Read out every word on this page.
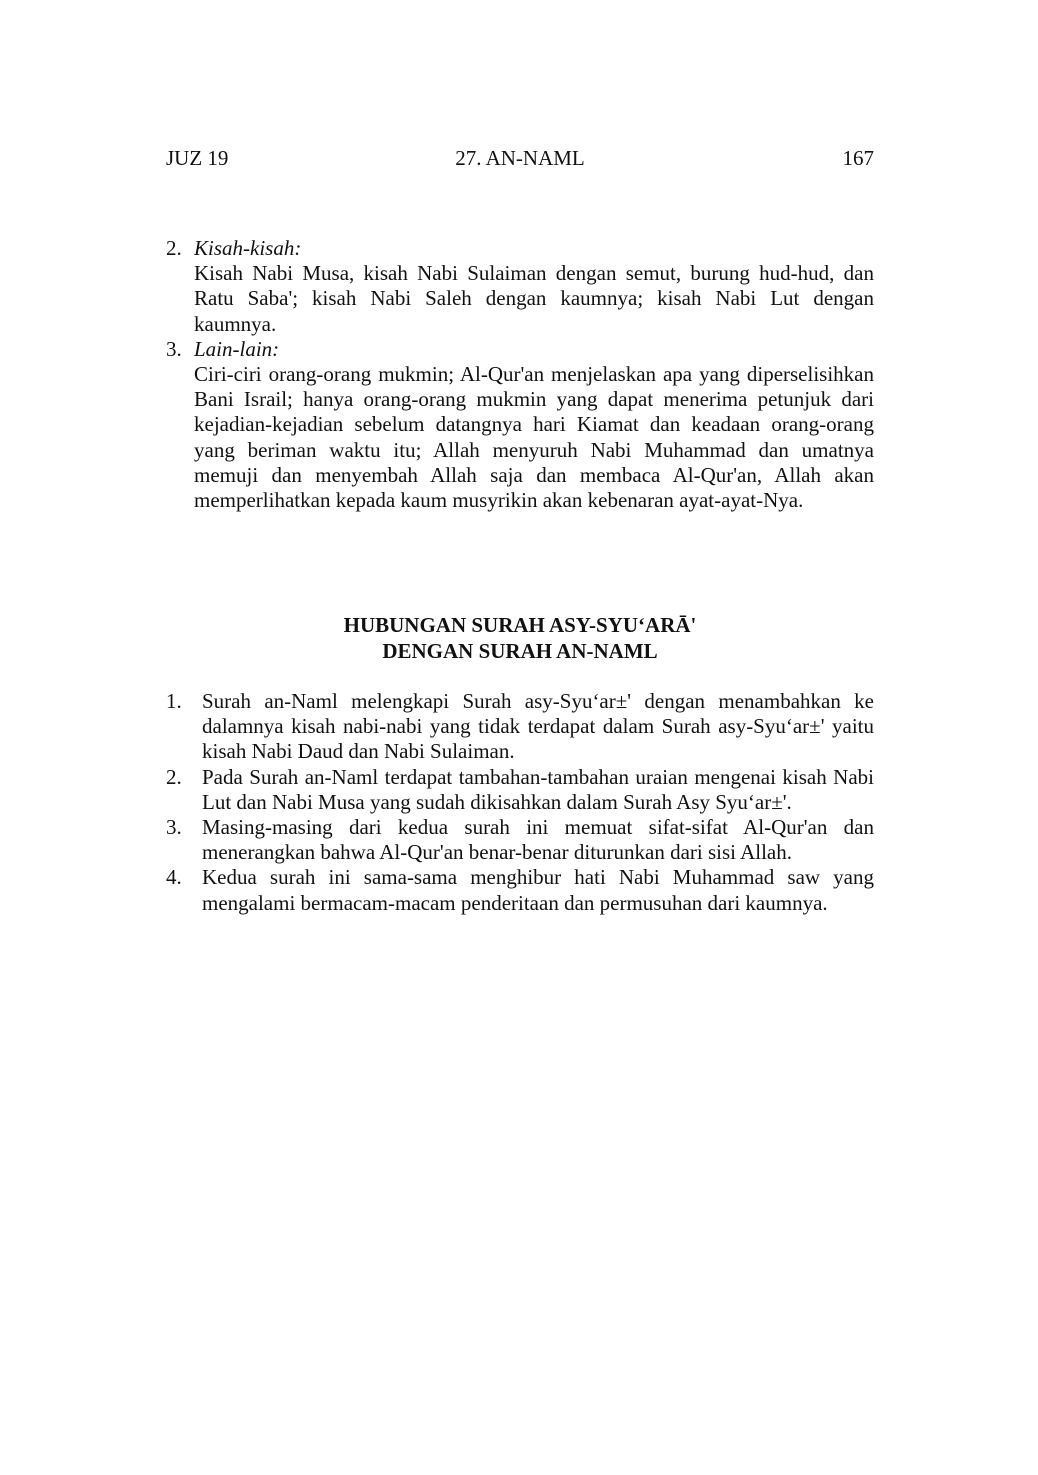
JUZ 19	27. AN-NAML	167
2. Kisah-kisah:
Kisah Nabi Musa, kisah Nabi Sulaiman dengan semut, burung hud-hud, dan Ratu Saba'; kisah Nabi Saleh dengan kaumnya; kisah Nabi Lut dengan kaumnya.
3. Lain-lain:
Ciri-ciri orang-orang mukmin; Al-Qur'an menjelaskan apa yang diperselisihkan Bani Israil; hanya orang-orang mukmin yang dapat menerima petunjuk dari kejadian-kejadian sebelum datangnya hari Kiamat dan keadaan orang-orang yang beriman waktu itu; Allah menyuruh Nabi Muhammad dan umatnya memuji dan menyembah Allah saja dan membaca Al-Qur'an, Allah akan memperlihatkan kepada kaum musyrikin akan kebenaran ayat-ayat-Nya.
HUBUNGAN SURAH ASY-SYU‘ARĀ'
DENGAN SURAH AN-NAML
1. Surah an-Naml melengkapi Surah asy-Syu‘ar±' dengan menambahkan ke dalamnya kisah nabi-nabi yang tidak terdapat dalam Surah asy-Syu‘ar±' yaitu kisah Nabi Daud dan Nabi Sulaiman.
2. Pada Surah an-Naml terdapat tambahan-tambahan uraian mengenai kisah Nabi Lut dan Nabi Musa yang sudah dikisahkan dalam Surah Asy Syu‘ar±'.
3. Masing-masing dari kedua surah ini memuat sifat-sifat Al-Qur'an dan menerangkan bahwa Al-Qur'an benar-benar diturunkan dari sisi Allah.
4. Kedua surah ini sama-sama menghibur hati Nabi Muhammad saw yang mengalami bermacam-macam penderitaan dan permusuhan dari kaumnya.
